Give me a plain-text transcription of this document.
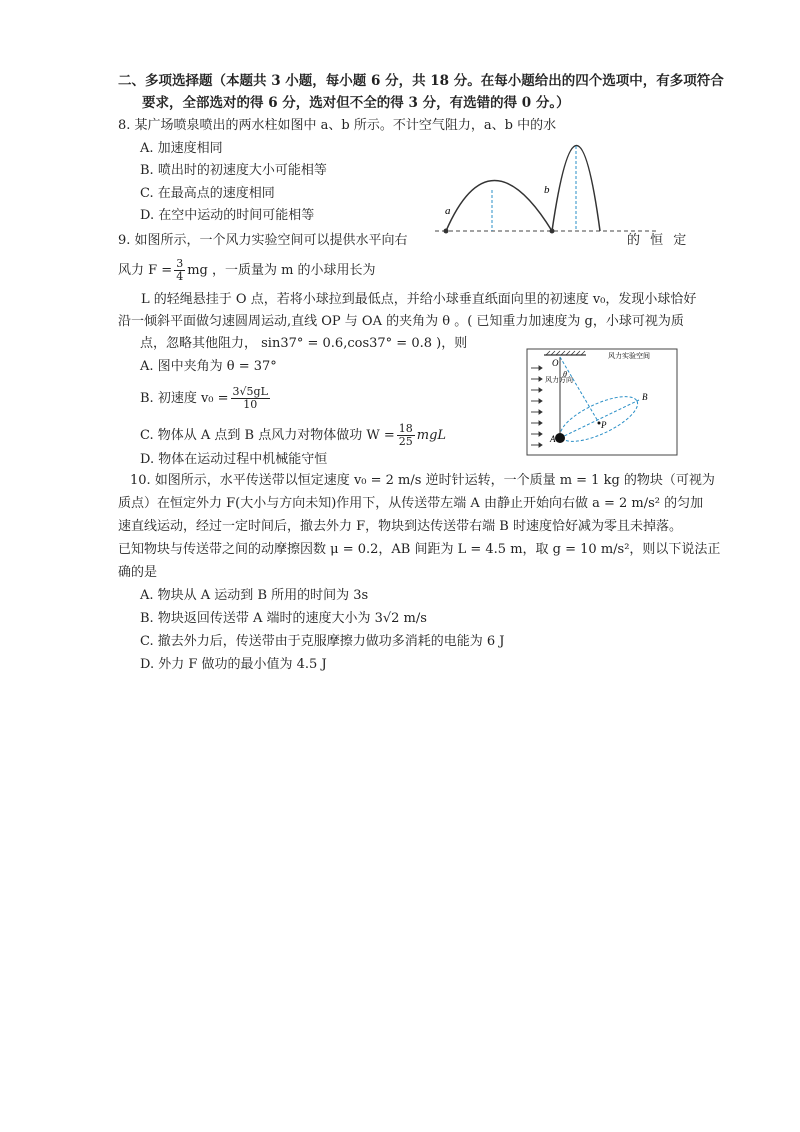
二、多项选择题（本题共 3 小题，每小题 6 分，共 18 分。在每小题给出的四个选项中，有多项符合
要求，全部选对的得 6 分，选对但不全的得 3 分，有选错的得 0 分。）
8. 某广场喷泉喷出的两水柱如图中 a、b 所示。不计空气阻力，a、b 中的水
A. 加速度相同
B. 喷出时的初速度大小可能相等
C. 在最高点的速度相同
D. 在空中运动的时间可能相等	a
b
9. 如图所示，一个风力实验空间可以提供水平向右	的 恒 定
风力 $F = \frac{3}{4}$ mg ，一质量为 m 的小球用长为
L 的轻绳悬挂于 O 点，若将小球拉到最低点，并给小球垂直纸面向里的初速度 v₀，发现小球恰好
沿一倾斜平面做匀速圆周运动,直线 OP 与 OA 的夹角为 θ 。( 已知重力加速度为 g，小球可视为质
点，忽略其他阻力， sin37° = 0.6,cos37° = 0.8 )，则
A. 图中夹角为 θ = 37°
B. 初速度 $v_0 = \frac{3√5gL}{10}$
C. 物体从 A 点到 B 点风力对物体做功 $W = \frac{18}{25}$ mgL
D. 物体在运动过程中机械能守恒
风力实验空间
风力方向
O
θ
A
B
P
10. 如图所示，水平传送带以恒定速度 v₀ = 2 m/s 逆时针运转，一个质量 m = 1 kg 的物块（可视为
质点）在恒定外力 F(大小与方向未知)作用下，从传送带左端 A 由静止开始向右做 a = 2 m/s² 的匀加
速直线运动，经过一定时间后，撤去外力 F，物块到达传送带右端 B 时速度恰好减为零且未掉落。
已知物块与传送带之间的动摩擦因数 μ = 0.2，AB 间距为 L = 4.5 m，取 g = 10 m/s²，则以下说法正
确的是
A. 物块从 A 运动到 B 所用的时间为 3s
B. 物块返回传送带 A 端时的速度大小为 3√2 m/s
C. 撤去外力后，传送带由于克服摩擦力做功多消耗的电能为 6 J
D. 外力 F 做功的最小值为 4.5 J
